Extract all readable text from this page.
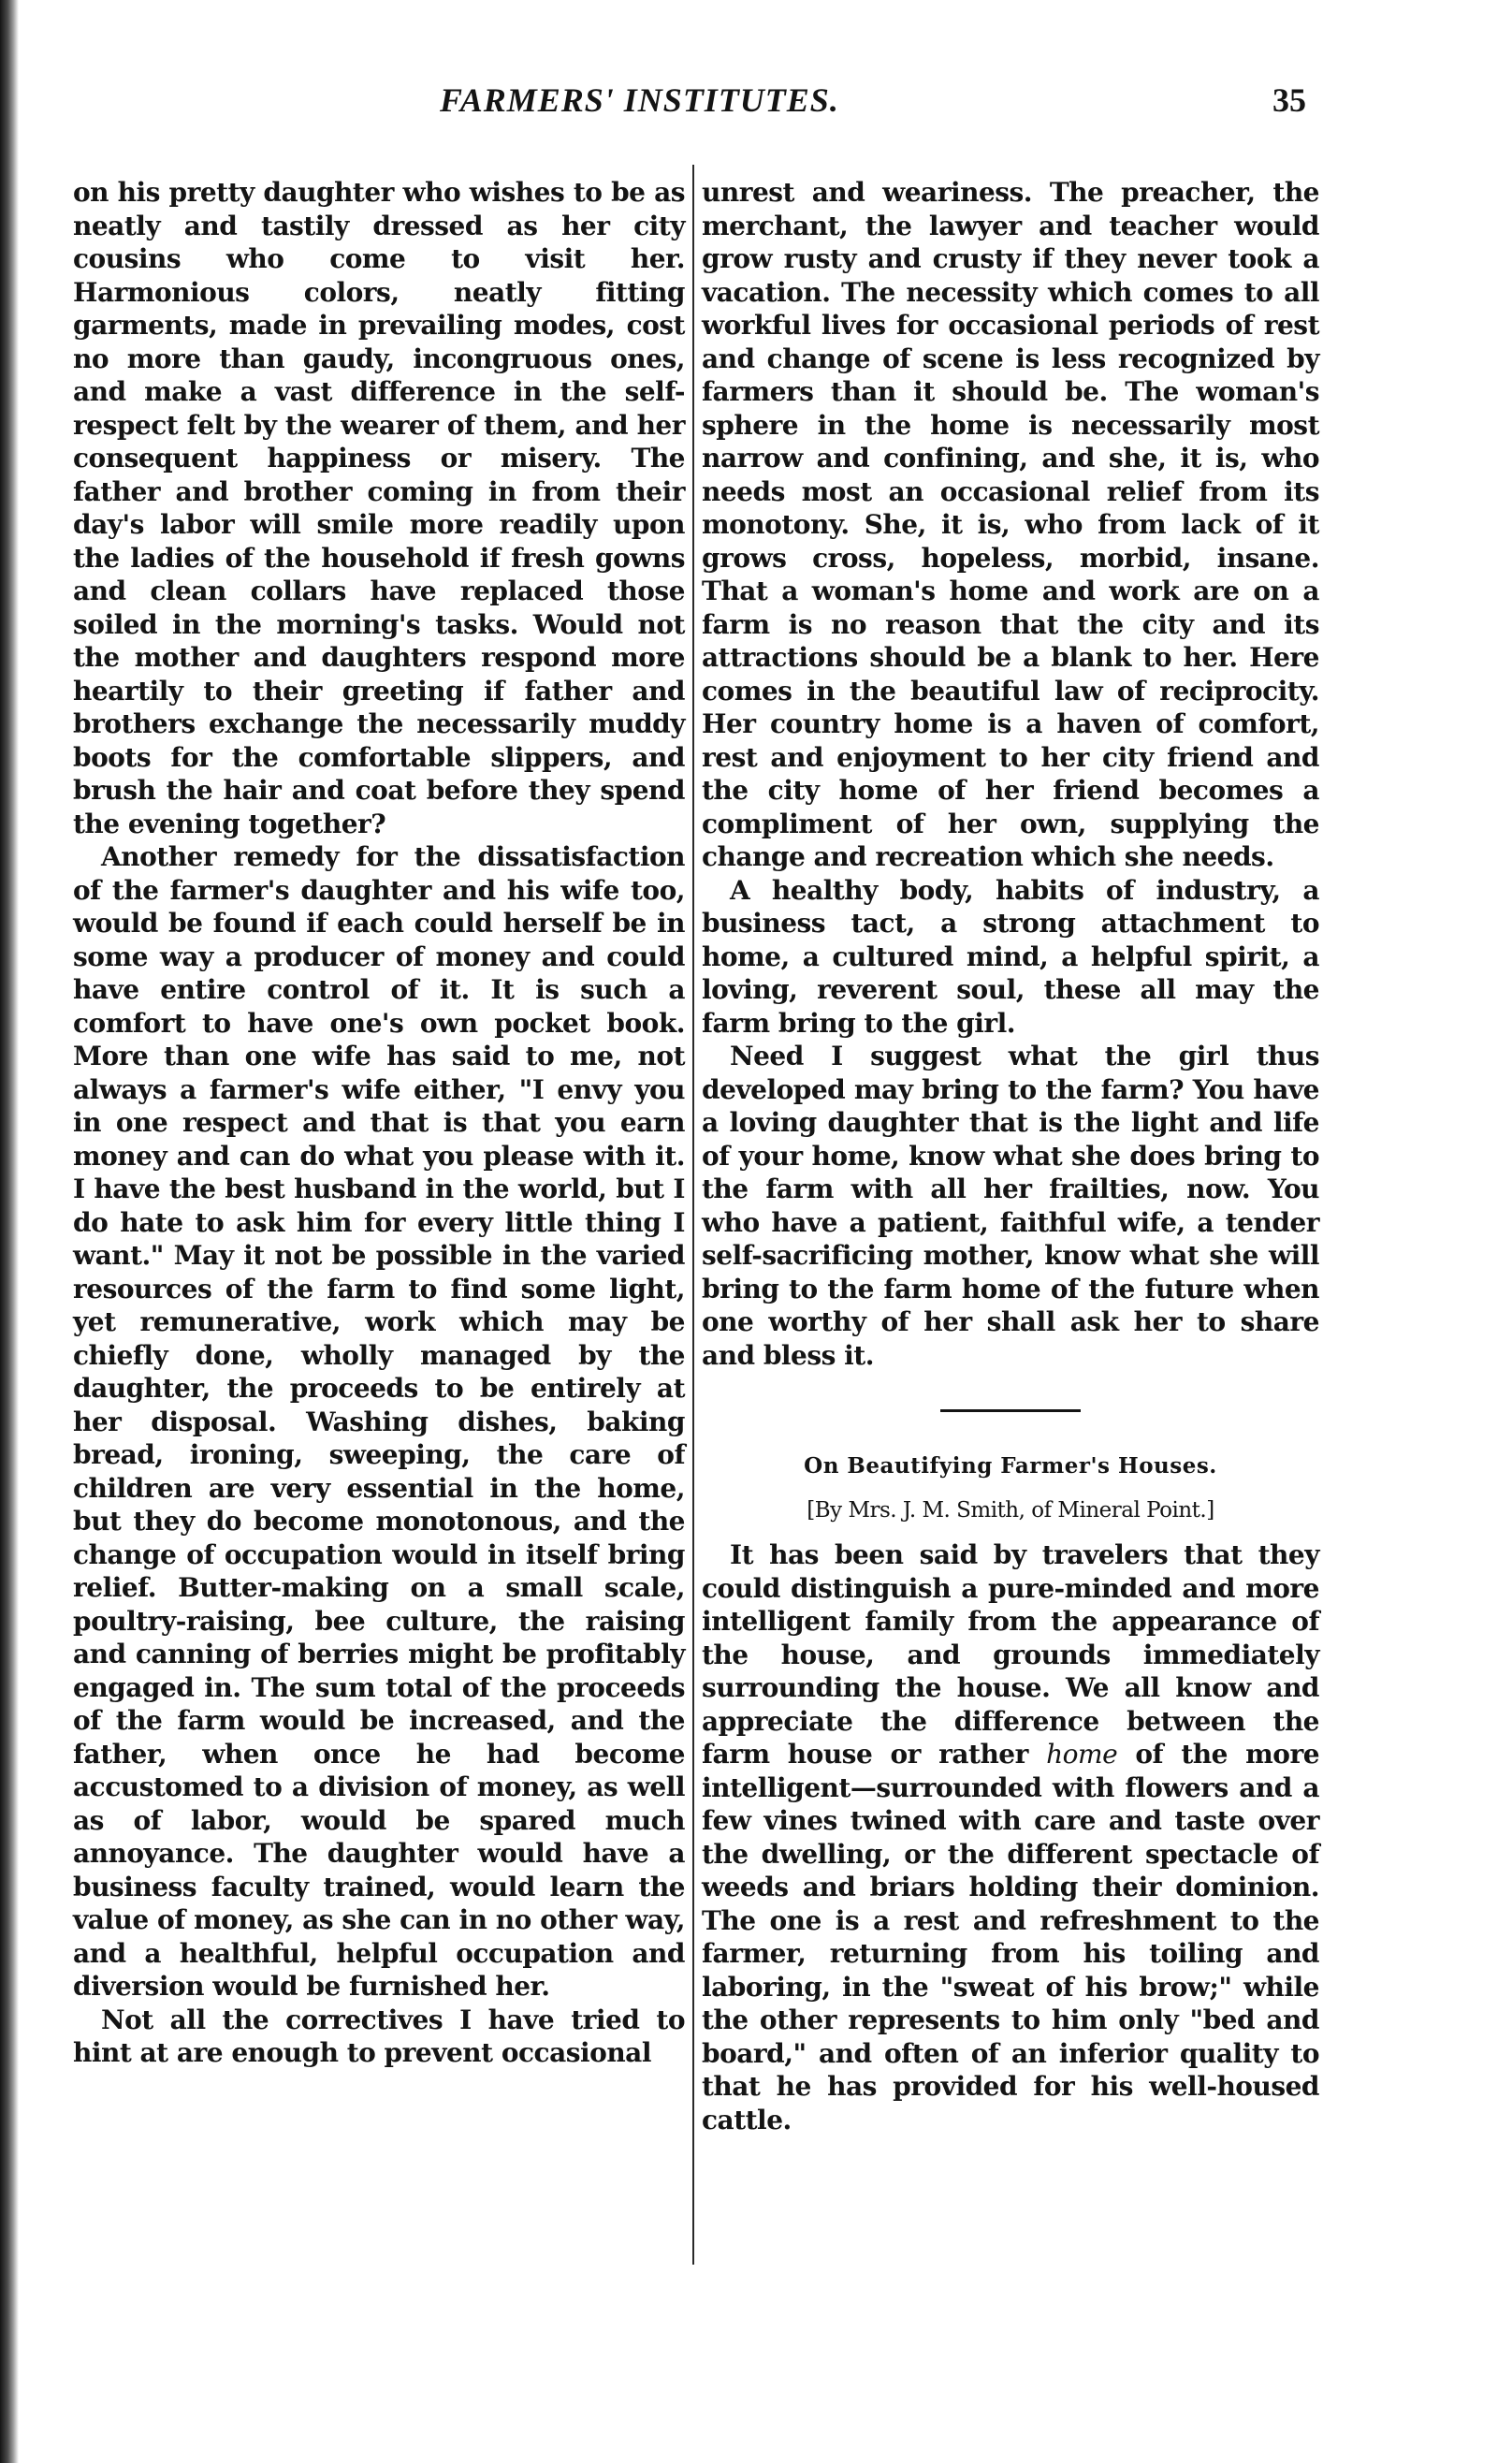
FARMERS' INSTITUTES.	35

on his pretty daughter who wishes to be as neatly and tastily dressed as her city cousins who come to visit her. Harmonious colors, neatly fitting garments, made in prevailing modes, cost no more than gaudy, incongruous ones, and make a vast difference in the self-respect felt by the wearer of them, and her consequent happiness or misery. The father and brother coming in from their day's labor will smile more readily upon the ladies of the household if fresh gowns and clean collars have replaced those soiled in the morning's tasks. Would not the mother and daughters respond more heartily to their greeting if father and brothers exchange the necessarily muddy boots for the comfortable slippers, and brush the hair and coat before they spend the evening together?

Another remedy for the dissatisfaction of the farmer's daughter and his wife too, would be found if each could herself be in some way a producer of money and could have entire control of it. It is such a comfort to have one's own pocket book. More than one wife has said to me, not always a farmer's wife either, "I envy you in one respect and that is that you earn money and can do what you please with it. I have the best husband in the world, but I do hate to ask him for every little thing I want." May it not be possible in the varied resources of the farm to find some light, yet remunerative, work which may be chiefly done, wholly managed by the daughter, the proceeds to be entirely at her disposal. Washing dishes, baking bread, ironing, sweeping, the care of children are very essential in the home, but they do become monotonous, and the change of occupation would in itself bring relief. Butter-making on a small scale, poultry-raising, bee culture, the raising and canning of berries might be profitably engaged in. The sum total of the proceeds of the farm would be increased, and the father, when once he had become accustomed to a division of money, as well as of labor, would be spared much annoyance. The daughter would have a business faculty trained, would learn the value of money, as she can in no other way, and a healthful, helpful occupation and diversion would be furnished her.

Not all the correctives I have tried to hint at are enough to prevent occasional

unrest and weariness. The preacher, the merchant, the lawyer and teacher would grow rusty and crusty if they never took a vacation. The necessity which comes to all workful lives for occasional periods of rest and change of scene is less recognized by farmers than it should be. The woman's sphere in the home is necessarily most narrow and confining, and she, it is, who needs most an occasional relief from its monotony. She, it is, who from lack of it grows cross, hopeless, morbid, insane. That a woman's home and work are on a farm is no reason that the city and its attractions should be a blank to her. Here comes in the beautiful law of reciprocity. Her country home is a haven of comfort, rest and enjoyment to her city friend and the city home of her friend becomes a compliment of her own, supplying the change and recreation which she needs.

A healthy body, habits of industry, a business tact, a strong attachment to home, a cultured mind, a helpful spirit, a loving, reverent soul, these all may the farm bring to the girl.

Need I suggest what the girl thus developed may bring to the farm? You have a loving daughter that is the light and life of your home, know what she does bring to the farm with all her frailties, now. You who have a patient, faithful wife, a tender self-sacrificing mother, know what she will bring to the farm home of the future when one worthy of her shall ask her to share and bless it.

On Beautifying Farmer's Houses.
[By Mrs. J. M. Smith, of Mineral Point.]

It has been said by travelers that they could distinguish a pure-minded and more intelligent family from the appearance of the house, and grounds immediately surrounding the house. We all know and appreciate the difference between the farm house or rather home of the more intelligent—surrounded with flowers and a few vines twined with care and taste over the dwelling, or the different spectacle of weeds and briars holding their dominion. The one is a rest and refreshment to the farmer, returning from his toiling and laboring, in the "sweat of his brow;" while the other represents to him only "bed and board," and often of an inferior quality to that he has provided for his well-housed cattle.
